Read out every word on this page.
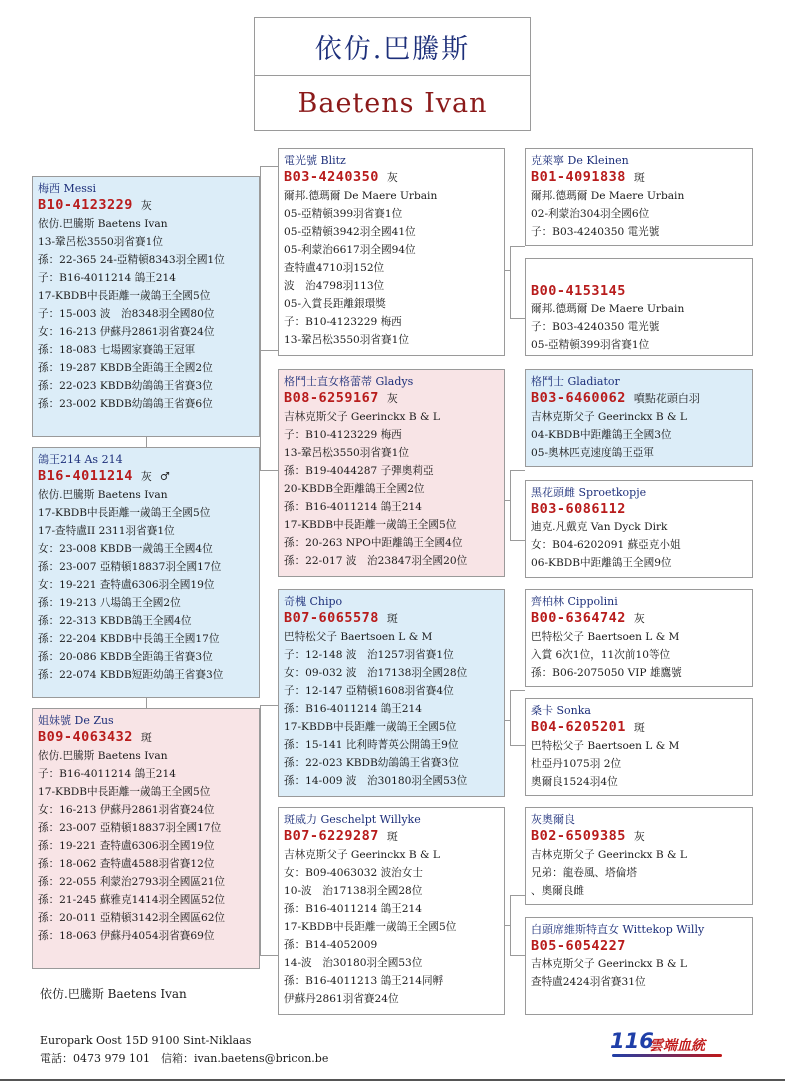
依仿.巴騰斯
Baetens Ivan
梅西 Messi
B10-4123229 灰
依仿.巴騰斯 Baetens Ivan
13-鞏呂松3550羽省賽1位
孫：22-365 24-亞精頓8343羽全國1位
子：B16-4011214 鴿王214
17-KBDB中長距離一歲鴿王全國5位
子：15-003 波　治8348羽全國80位
女：16-213 伊蘇丹2861羽省賽24位
孫：18-083 七場國家賽鴿王冠軍
孫：19-287 KBDB全距鴿王全國2位
孫：22-023 KBDB幼鴿鴿王省賽3位
孫：23-002 KBDB幼鴿鴿王省賽6位
鴿王214 As 214
B16-4011214 灰 ♂
依仿.巴騰斯 Baetens Ivan
17-KBDB中長距離一歲鴿王全國5位
17-查特盧II 2311羽省賽1位
女：23-008 KBDB一歲鴿王全國4位
孫：23-007 亞精頓18837羽全國17位
女：19-221 查特盧6306羽全國19位
孫：19-213 八場鴿王全國2位
孫：22-313 KBDB鴿王全國4位
孫：22-204 KBDB中長鴿王全國17位
孫：20-086 KBDB全距鴿王省賽3位
孫：22-074 KBDB短距幼鴿王省賽3位
姐妹號 De Zus
B09-4063432 斑
依仿.巴騰斯 Baetens Ivan
子：B16-4011214 鴿王214
17-KBDB中長距離一歲鴿王全國5位
女：16-213 伊蘇丹2861羽省賽24位
孫：23-007 亞精頓18837羽全國17位
孫：19-221 查特盧6306羽全國19位
孫：18-062 查特盧4588羽省賽12位
孫：22-055 利蒙治2793羽全國區21位
孫：21-245 蘇雅克1414羽全國區52位
孫：20-011 亞精頓3142羽全國區62位
孫：18-063 伊蘇丹4054羽省賽69位
電光號 Blitz
B03-4240350 灰
爾邦.德瑪爾 De Maere Urbain
05-亞精頓399羽省賽1位
05-亞精頓3942羽全國41位
05-利蒙治6617羽全國94位
查特盧4710羽152位
波　治4798羽113位
05-入賞長距離銀環獎
子：B10-4123229 梅西
13-鞏呂松3550羽省賽1位
格鬥士直女格蕾蒂 Gladys
B08-6259167 灰
吉林克斯父子 Geerinckx B & L
子：B10-4123229 梅西
13-鞏呂松3550羽省賽1位
孫：B19-4044287 子彈奧莉亞
20-KBDB全距離鴿王全國2位
孫：B16-4011214 鴿王214
17-KBDB中長距離一歲鴿王全國5位
孫：20-263 NPO中距離鴿王全國4位
孫：22-017 波　治23847羽全國20位
奇槐 Chipo
B07-6065578 斑
巴特松父子 Baertsoen L & M
子：12-148 波　治1257羽省賽1位
女：09-032 波　治17138羽全國28位
子：12-147 亞精頓1608羽省賽4位
孫：B16-4011214 鴿王214
17-KBDB中長距離一歲鴿王全國5位
孫：15-141 比利時菁英公開鴿王9位
孫：22-023 KBDB幼鴿鴿王省賽3位
孫：14-009 波　治30180羽全國53位
斑威力 Geschelpt Willyke
B07-6229287 斑
吉林克斯父子 Geerinckx B & L
女：B09-4063032 波治女士
10-波　治17138羽全國28位
孫：B16-4011214 鴿王214
17-KBDB中長距離一歲鴿王全國5位
孫：B14-4052009
14-波　治30180羽全國53位
孫：B16-4011213 鴿王214同孵
伊蘇丹2861羽省賽24位
克萊寧 De Kleinen
B01-4091838 斑
爾邦.德瑪爾 De Maere Urbain
02-利蒙治304羽全國6位
子：B03-4240350 電光號
B00-4153145
爾邦.德瑪爾 De Maere Urbain
子：B03-4240350 電光號
05-亞精頓399羽省賽1位
格鬥士 Gladiator
B03-6460062 噴點花頭白羽
吉林克斯父子 Geerinckx B & L
04-KBDB中距離鴿王全國3位
05-奧林匹克速度鴿王亞軍
黑花頭雌 Sproetkopje
B03-6086112
迪克.凡戴克 Van Dyck Dirk
女：B04-6202091 蘇亞克小姐
06-KBDB中距離鴿王全國9位
齊柏林 Cippolini
B00-6364742 灰
巴特松父子 Baertsoen L & M
入賞 6次1位，11次前10等位
孫：B06-2075050 VIP 雄鷹號
桑卡 Sonka
B04-6205201 斑
巴特松父子 Baertsoen L & M
杜亞丹1075羽 2位
奧爾良1524羽4位
灰奧爾良
B02-6509385 灰
吉林克斯父子 Geerinckx B & L
兄弟：龍卷風、塔倫塔
、奧爾良雌
白頭席維斯特直女 Wittekop Willy
B05-6054227
吉林克斯父子 Geerinckx B & L
查特盧2424羽省賽31位
依仿.巴騰斯 Baetens Ivan
Europark Oost 15D 9100 Sint-Niklaas
電話：0473 979 101　信箱：ivan.baetens@bricon.be
116
雲端血統
